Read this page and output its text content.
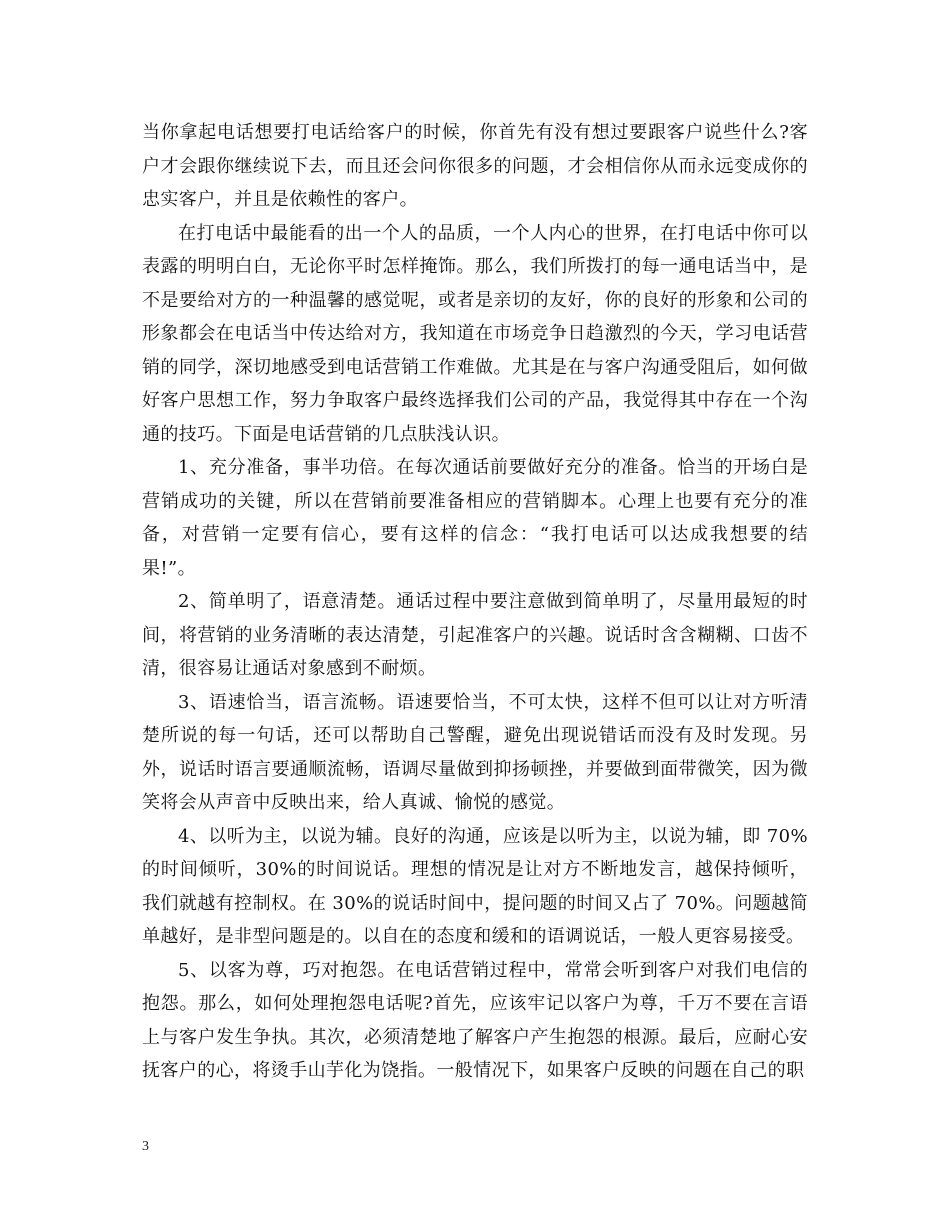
当你拿起电话想要打电话给客户的时候，你首先有没有想过要跟客户说些什么?客户才会跟你继续说下去，而且还会问你很多的问题，才会相信你从而永远变成你的忠实客户，并且是依赖性的客户。

在打电话中最能看的出一个人的品质，一个人内心的世界，在打电话中你可以表露的明明白白，无论你平时怎样掩饰。那么，我们所拨打的每一通电话当中，是不是要给对方的一种温馨的感觉呢，或者是亲切的友好，你的良好的形象和公司的形象都会在电话当中传达给对方，我知道在市场竞争日趋激烈的今天，学习电话营销的同学，深切地感受到电话营销工作难做。尤其是在与客户沟通受阻后，如何做好客户思想工作，努力争取客户最终选择我们公司的产品，我觉得其中存在一个沟通的技巧。下面是电话营销的几点肤浅认识。

1、充分准备，事半功倍。在每次通话前要做好充分的准备。恰当的开场白是营销成功的关键，所以在营销前要准备相应的营销脚本。心理上也要有充分的准备，对营销一定要有信心，要有这样的信念：“我打电话可以达成我想要的结果!”。

2、简单明了，语意清楚。通话过程中要注意做到简单明了，尽量用最短的时间，将营销的业务清晰的表达清楚，引起准客户的兴趣。说话时含含糊糊、口齿不清，很容易让通话对象感到不耐烦。

3、语速恰当，语言流畅。语速要恰当，不可太快，这样不但可以让对方听清楚所说的每一句话，还可以帮助自己警醒，避免出现说错话而没有及时发现。另外，说话时语言要通顺流畅，语调尽量做到抑扬顿挫，并要做到面带微笑，因为微笑将会从声音中反映出来，给人真诚、愉悦的感觉。

4、以听为主，以说为辅。良好的沟通，应该是以听为主，以说为辅，即 70%的时间倾听，30%的时间说话。理想的情况是让对方不断地发言，越保持倾听，我们就越有控制权。在 30%的说话时间中，提问题的时间又占了 70%。问题越简单越好，是非型问题是的。以自在的态度和缓和的语调说话，一般人更容易接受。

5、以客为尊，巧对抱怨。在电话营销过程中，常常会听到客户对我们电信的抱怨。那么，如何处理抱怨电话呢?首先，应该牢记以客户为尊，千万不要在言语上与客户发生争执。其次，必须清楚地了解客户产生抱怨的根源。最后，应耐心安抚客户的心，将烫手山芋化为饶指。一般情况下，如果客户反映的问题在自己的职

3
